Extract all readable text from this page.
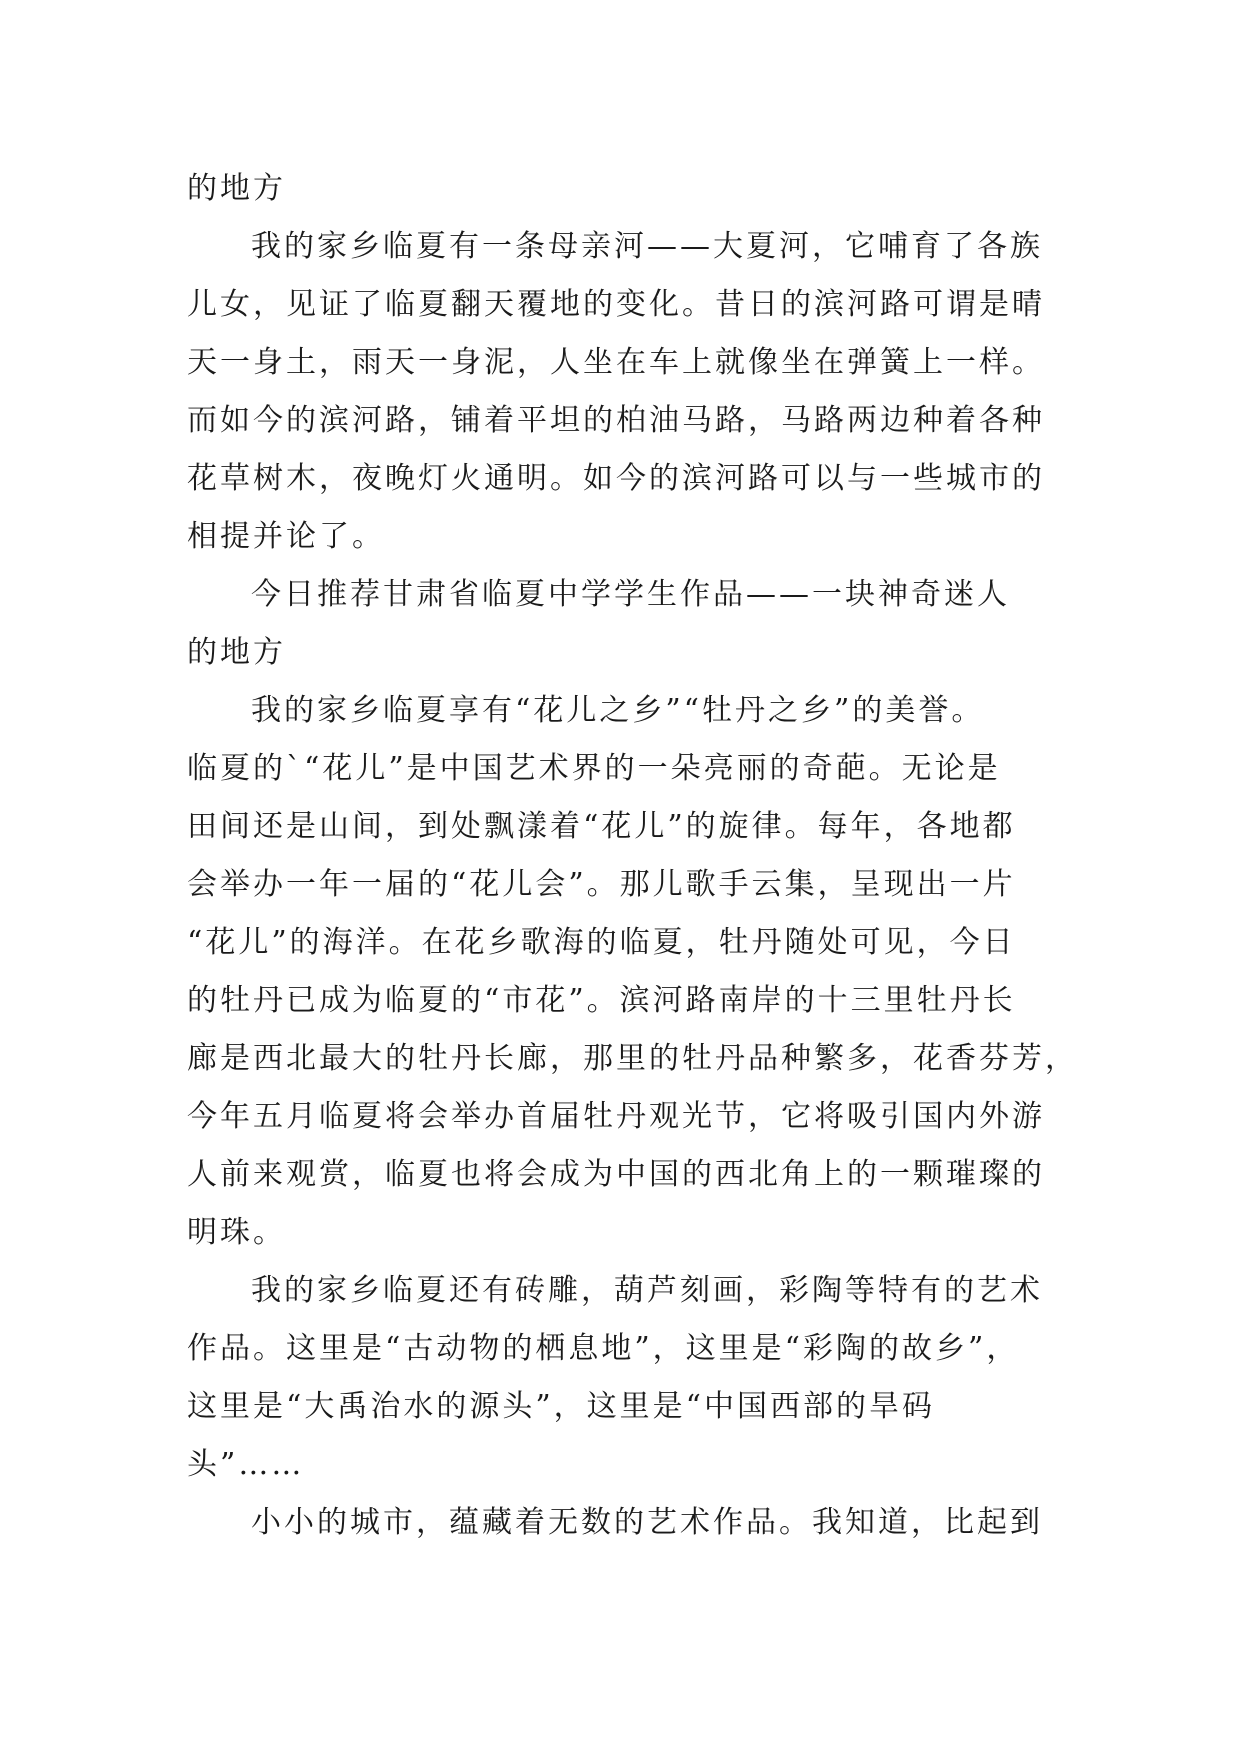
的地方
我的家乡临夏有一条母亲河——大夏河，它哺育了各族
儿女，见证了临夏翻天覆地的变化。昔日的滨河路可谓是晴
天一身土，雨天一身泥，人坐在车上就像坐在弹簧上一样。
而如今的滨河路，铺着平坦的柏油马路，马路两边种着各种
花草树木，夜晚灯火通明。如今的滨河路可以与一些城市的
相提并论了。
今日推荐甘肃省临夏中学学生作品——一块神奇迷人
的地方
我的家乡临夏享有“花儿之乡”“牡丹之乡”的美誉。
临夏的`“花儿”是中国艺术界的一朵亮丽的奇葩。无论是
田间还是山间，到处飘漾着“花儿”的旋律。每年，各地都
会举办一年一届的“花儿会”。那儿歌手云集，呈现出一片
“花儿”的海洋。在花乡歌海的临夏，牡丹随处可见，今日
的牡丹已成为临夏的“市花”。滨河路南岸的十三里牡丹长
廊是西北最大的牡丹长廊，那里的牡丹品种繁多，花香芬芳，
今年五月临夏将会举办首届牡丹观光节，它将吸引国内外游
人前来观赏，临夏也将会成为中国的西北角上的一颗璀璨的
明珠。
我的家乡临夏还有砖雕，葫芦刻画，彩陶等特有的艺术
作品。这里是“古动物的栖息地”，这里是“彩陶的故乡”，
这里是“大禹治水的源头”，这里是“中国西部的旱码
头”……
小小的城市，蕴藏着无数的艺术作品。我知道，比起到
